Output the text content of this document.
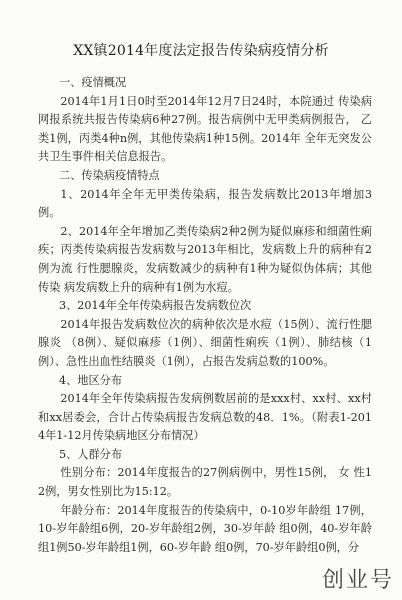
XX镇2014年度法定报告传染病疫情分析

一、疫情概况

2014年1月1日0时至2014年12月7日24时，本院通过 传染病网报系统共报告传染病6种27例。报告病例中无甲类病例报告， 乙类1例，丙类4种n例，其他传染病1种15例。2014年 全年无突发公共卫生事件相关信息报告。

二、传染病疫情特点

1、2014年全年无甲类传染病，报告发病数比2013年增加3例。

2、2014年全年增加乙类传染病2种2例为疑似麻疹和细菌性痢疾；丙类传染病报告发病数与2013年相比，发病数上升的病种有2例为流 行性腮腺炎，发病数减少的病种有1种为疑似伪体病；其他传染 病发病数上升的病种有1例为水痘。

3、2014年全年传染病报告发病数位次

2014年报告发病数位次的病种依次是水痘（15例）、流行性腮腺炎 （8例）、疑似麻疹（1例）、细菌性痢疾（1例）、肺结核（1 例）、急性出血性结膜炎（1例），占报告发病总数的100%。

4、地区分布

2014年全年传染病报告发病例数居前的是xxx村、xx村、xx村和xx居委会，合计占传染病报告发病总数的48．1%。（附表1-2014年1-12月传染病地区分布情况）

5、人群分布

性别分布：2014年度报告的27例病例中，男性15例， 女 性12例，男女性别比为15:12。

年龄分布：2014年度报告的传染病中，0-10岁年龄组 17例，10-岁年龄组6例，20-岁年龄组2例，30-岁年龄 组0例，40-岁年龄组1例50-岁年龄组1例，60-岁年龄 组0例，70-岁年龄组0例，分

创业号
